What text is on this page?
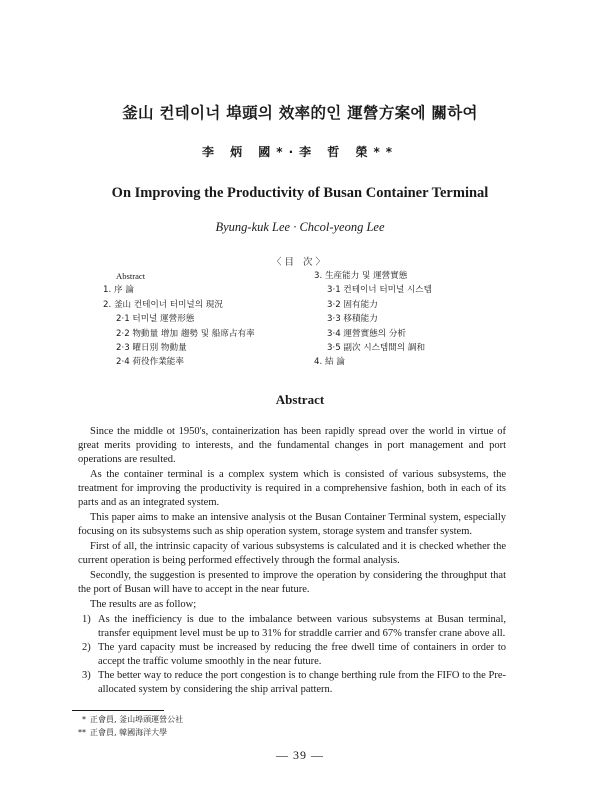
釜山 컨테이너 埠頭의 效率的인 運營方案에 關하여
李 炳 國*·李 哲 榮**
On Improving the Productivity of Busan Container Terminal
Byung-kuk Lee · Chcol-yeong Lee
〈目 次〉
Abstract
1. 序 論
2. 釜山 컨테이너 터미널의 現況
2·1 터미널 運營形態
2·2 物動量 增加 趨勢 및 船席占有率
2·3 曜日別 物動量
2·4 荷役作業能率
3. 生産能力 및 運營實態
3·1 컨테이너 터미널 시스템
3·2 固有能力
3·3 移積能力
3·4 運營實態의 分析
3·5 副次 시스템間의 調和
4. 結 論
Abstract

Since the middle ot 1950's, containerization has been rapidly spread over the world in virtue of great merits providing to interests, and the fundamental changes in port management and port operations are resulted.

As the container terminal is a complex system which is consisted of various subsystems, the treatment for improving the productivity is required in a comprehensive fashion, both in each of its parts and as an integrated system.

This paper aims to make an intensive analysis ot the Busan Container Terminal system, especially focusing on its subsystems such as ship operation system, storage system and transfer system.

First of all, the intrinsic capacity of various subsystems is calculated and it is checked whether the current operation is being performed effectively through the formal analysis.

Secondly, the suggestion is presented to improve the operation by considering the throughput that the port of Busan will have to accept in the near future.

The results are as follow;

1) As the inefficiency is due to the imbalance between various subsystems at Busan terminal, transfer equipment level must be up to 31% for straddle carrier and 67% transfer crane above all.
2) The yard capacity must be increased by reducing the free dwell time of containers in order to accept the traffic volume smoothly in the near future.
3) The better way to reduce the port congestion is to change berthing rule from the FIFO to the Pre-allocated system by considering the ship arrival pattern.
* 正會員, 釜山埠頭運營公社
** 正會員, 韓國海洋大學
— 39 —
